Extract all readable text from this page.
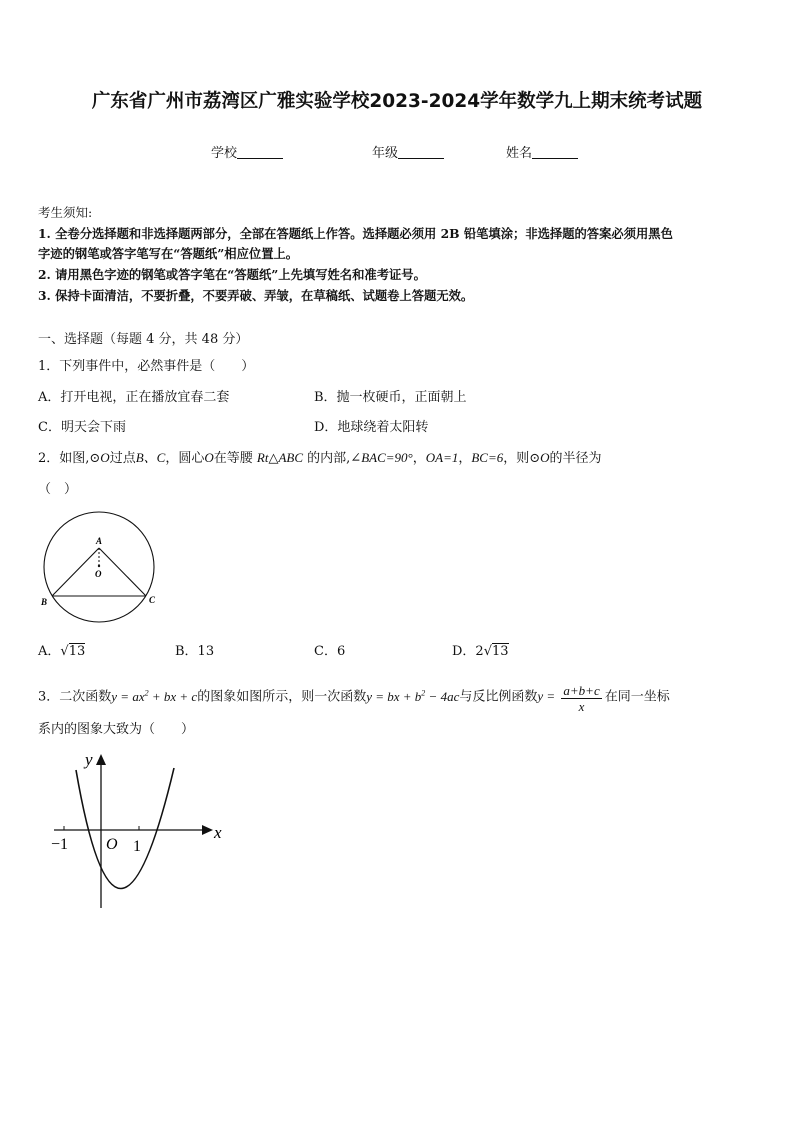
广东省广州市荔湾区广雅实验学校2023-2024学年数学九上期末统考试题
学校	年级	姓名
考生须知:
1. 全卷分选择题和非选择题两部分，全部在答题纸上作答。选择题必须用 2B 铅笔填涂；非选择题的答案必须用黑色
字迹的钢笔或答字笔写在“答题纸”相应位置上。
2. 请用黑色字迹的钢笔或答字笔在“答题纸”上先填写姓名和准考证号。
3. 保持卡面清洁，不要折叠，不要弄破、弄皱，在草稿纸、试题卷上答题无效。
一、选择题（每题 4 分，共 48 分）
1．下列事件中，必然事件是（　　）
A．打开电视，正在播放宜春二套	B．抛一枚硬币，正面朝上
C．明天会下雨	D．地球绕着太阳转
2．如图,⊙O过点B、C，圆心O在等腰 Rt△ABC 的内部,∠BAC=90°，OA=1，BC=6，则⊙O的半径为
（　）
A
O
B	C
A．√13	B．13	C．6	D．2√13
3．二次函数$y = ax^2$ + bx + c的图象如图所示，则一次函数y = bx + $b^2 - 4ac$与反比例函数$y = \frac{a+b+c}{x}$ 在同一坐标
系内的图象大致为（　　）
y
x
−1 O 1
